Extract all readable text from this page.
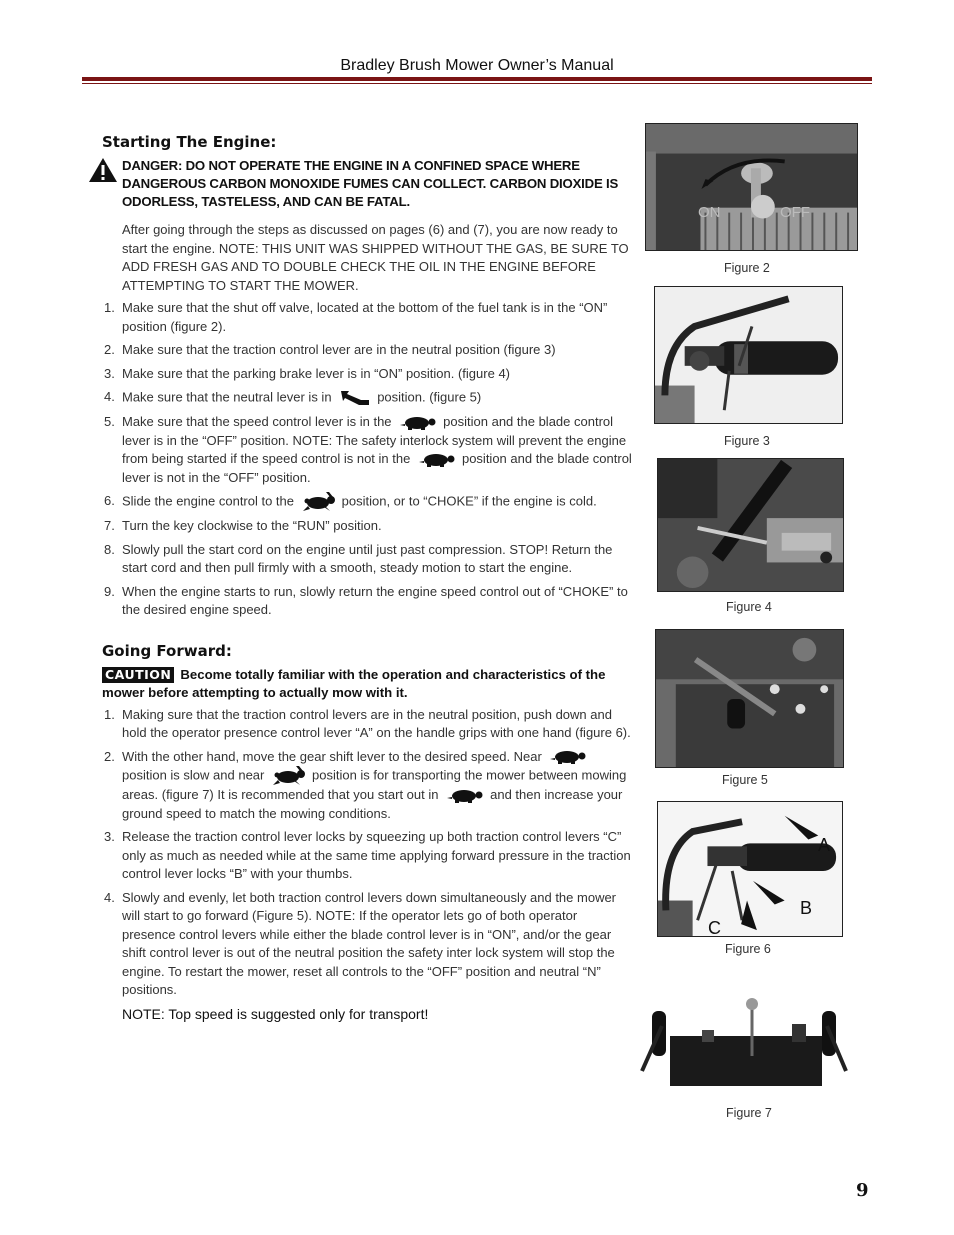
Bradley Brush Mower Owner’s Manual
Starting The Engine:
DANGER: DO NOT OPERATE THE ENGINE IN A CONFINED SPACE WHERE DANGEROUS CARBON MONOXIDE FUMES CAN COLLECT. CARBON DIOXIDE IS ODORLESS, TASTELESS, AND CAN BE FATAL.
After going through the steps as discussed on pages (6) and (7), you are now ready to start the engine. NOTE: THIS UNIT WAS SHIPPED WITHOUT THE GAS, BE SURE TO ADD FRESH GAS AND TO DOUBLE CHECK THE OIL IN THE ENGINE BEFORE ATTEMPTING TO START THE MOWER.
1. Make sure that the shut off valve, located at the bottom of the fuel tank is in the “ON” position (figure 2).
2. Make sure that the traction control lever are in the neutral position (figure 3)
3. Make sure that the parking brake lever is in “ON” position. (figure 4)
4. Make sure that the neutral lever is in	position. (figure 5)
5. Make sure that the speed control lever is in the	position and the blade control lever is in the “OFF” position. NOTE: The safety interlock system will prevent the engine from being started if the speed control is not in the	position and the blade control lever is not in the “OFF” position.
6. Slide the engine control to the	position, or to “CHOKE” if the engine is cold.
7. Turn the key clockwise to the “RUN” position.
8. Slowly pull the start cord on the engine until just past compression. STOP! Return the start cord and then pull firmly with a smooth, steady motion to start the engine.
9. When the engine starts to run, slowly return the engine speed control out of “CHOKE” to the desired engine speed.
Going Forward:
CAUTION Become totally familiar with the operation and characteristics of the mower before attempting to actually mow with it.
1. Making sure that the traction control levers are in the neutral position, push down and hold the operator presence control lever “A” on the handle grips with one hand (figure 6).
2. With the other hand, move the gear shift lever to the desired speed. Near position is slow and near	position is for transporting the mower between mowing areas. (figure 7) It is recommended that you start out in	and then increase your ground speed to match the mowing conditions.
3. Release the traction control lever locks by squeezing up both traction control levers “C” only as much as needed while at the same time applying forward pressure in the traction control lever locks “B” with your thumbs.
4. Slowly and evenly, let both traction control levers down simultaneously and the mower will start to go forward (Figure 5). NOTE: If the operator lets go of both operator presence control levers while either the blade control lever is in “ON”, and/or the gear shift control lever is out of the neutral position the safety inter lock system will stop the engine. To restart the mower, reset all controls to the “OFF” position and neutral “N” positions.
NOTE: Top speed is suggested only for transport!
ON	OFF
Figure 2
Figure 3
Figure 4
Figure 5
A
B
C
Figure 6
Figure 7
9
